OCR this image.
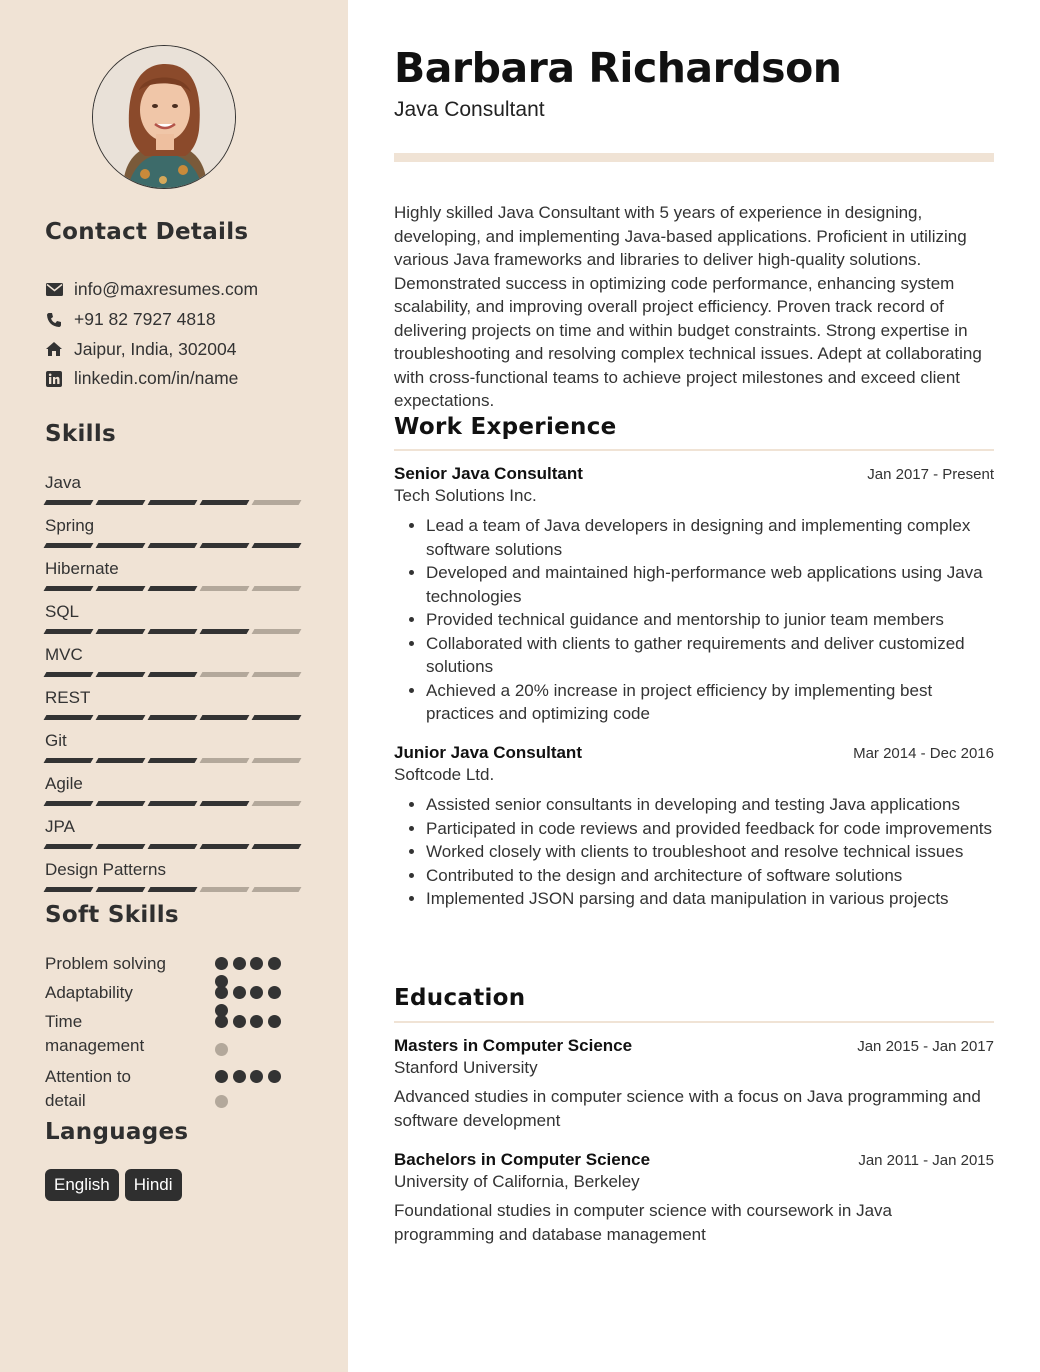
Contact Details
info@maxresumes.com
+91 82 7927 4818
Jaipur, India, 302004
linkedin.com/in/name
Skills
Java
Spring
Hibernate
SQL
MVC
REST
Git
Agile
JPA
Design Patterns
Soft Skills
Problem solving
Adaptability
Time management
Attention to detail
Languages
English	Hindi
Barbara Richardson
Java Consultant
Highly skilled Java Consultant with 5 years of experience in designing, developing, and implementing Java-based applications. Proficient in utilizing various Java frameworks and libraries to deliver high-quality solutions. Demonstrated success in optimizing code performance, enhancing system scalability, and improving overall project efficiency. Proven track record of delivering projects on time and within budget constraints. Strong expertise in troubleshooting and resolving complex technical issues. Adept at collaborating with cross-functional teams to achieve project milestones and exceed client expectations.
Work Experience
Senior Java Consultant	Jan 2017 - Present
Tech Solutions Inc.
• Lead a team of Java developers in designing and implementing complex software solutions
• Developed and maintained high-performance web applications using Java technologies
• Provided technical guidance and mentorship to junior team members
• Collaborated with clients to gather requirements and deliver customized solutions
• Achieved a 20% increase in project efficiency by implementing best practices and optimizing code
Junior Java Consultant	Mar 2014 - Dec 2016
Softcode Ltd.
• Assisted senior consultants in developing and testing Java applications
• Participated in code reviews and provided feedback for code improvements
• Worked closely with clients to troubleshoot and resolve technical issues
• Contributed to the design and architecture of software solutions
• Implemented JSON parsing and data manipulation in various projects
Education
Masters in Computer Science	Jan 2015 - Jan 2017
Stanford University
Advanced studies in computer science with a focus on Java programming and software development
Bachelors in Computer Science	Jan 2011 - Jan 2015
University of California, Berkeley
Foundational studies in computer science with coursework in Java programming and database management
